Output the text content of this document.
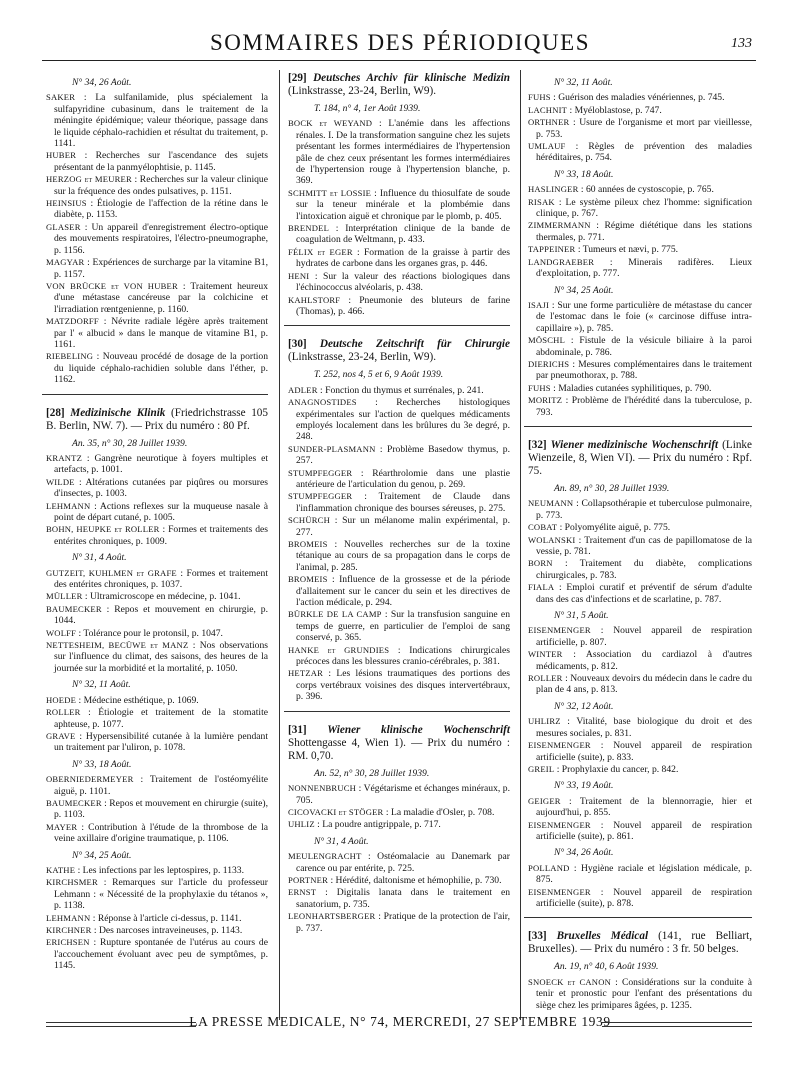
SOMMAIRES DES PÉRIODIQUES	133
N° 34, 26 Août.
SAKER : La sulfanilamide, plus spécialement la sulfapyridine cubasinum, dans le traitement de la méningite épidémique; valeur théorique, passage dans le liquide céphalo-rachidien et résultat du traitement, p. 1141.
HUBER : Recherches sur l'ascendance des sujets présentant de la panmyélophtisie, p. 1145.
HERZOG et MEURER : Recherches sur la valeur clinique sur la fréquence des ondes pulsatives, p. 1151.
HEINSIUS : Étiologie de l'affection de la rétine dans le diabète, p. 1153.
GLASER : Un appareil d'enregistrement électro-optique des mouvements respiratoires, l'électro-pneumographe, p. 1156.
MAGYAR : Expériences de surcharge par la vitamine B1, p. 1157.
VON BRÜCKE et VON HUBER : Traitement heureux d'une métastase cancéreuse par la colchicine et l'irradiation rœntgenienne, p. 1160.
MATZDORFF : Névrite radiale légère après traitement par l' « albucid » dans le manque de vitamine B1, p. 1161.
RIEBELING : Nouveau procédé de dosage de la portion du liquide céphalo-rachidien soluble dans l'éther, p. 1162.
[28] Medizinische Klinik (Friedrichstrasse 105 B. Berlin, NW. 7). — Prix du numéro : 80 Pf.
An. 35, n° 30, 28 Juillet 1939.
KRANTZ : Gangrène neurotique à foyers multiples et artefacts, p. 1001.
WILDE : Altérations cutanées par piqûres ou morsures d'insectes, p. 1003.
LEHMANN : Actions reflexes sur la muqueuse nasale à point de départ cutané, p. 1005.
BOHN, HEUPKE et ROLLER : Formes et traitements des entérites chroniques, p. 1009.
N° 31, 4 Août.
GUTZEIT, KUHLMEN et GRAFE : Formes et traitement des entérites chroniques, p. 1037.
MÜLLER : Ultramicroscope en médecine, p. 1041.
BAUMECKER : Repos et mouvement en chirurgie, p. 1044.
WOLFF : Tolérance pour le protonsil, p. 1047.
NETTESHEIM, BECÜWE et MANZ : Nos observations sur l'influence du climat, des saisons, des heures de la journée sur la morbidité et la mortalité, p. 1050.
N° 32, 11 Août.
HOEDE : Médecine esthétique, p. 1069.
ROLLER : Étiologie et traitement de la stomatite aphteuse, p. 1077.
GRAVE : Hypersensibilité cutanée à la lumière pendant un traitement par l'uliron, p. 1078.
N° 33, 18 Août.
OBERNIEDERMEYER : Traitement de l'ostéomyélite aiguë, p. 1101.
BAUMECKER : Repos et mouvement en chirurgie (suite), p. 1103.
MAYER : Contribution à l'étude de la thrombose de la veine axillaire d'origine traumatique, p. 1106.
N° 34, 25 Août.
KATHE : Les infections par les leptospires, p. 1133.
KIRCHSMER : Remarques sur l'article du professeur Lehmann : « Nécessité de la prophylaxie du tétanos », p. 1138.
LEHMANN : Réponse à l'article ci-dessus, p. 1141.
KIRCHNER : Des narcoses intraveineuses, p. 1143.
ERICHSEN : Rupture spontanée de l'utérus au cours de l'accouchement évoluant avec peu de symptômes, p. 1145.
[29] Deutsches Archiv für klinische Medizin (Linkstrasse, 23-24, Berlin, W9).
T. 184, n° 4, 1er Août 1939.
BOCK et WEYAND : L'anémie dans les affections rénales. I. De la transformation sanguine chez les sujets présentant les formes intermédiaires de l'hypertension pâle de chez ceux présentant les formes intermédiaires de l'hypertension rouge à l'hypertension blanche, p. 369.
SCHMITT et LOSSIE : Influence du thiosulfate de soude sur la teneur minérale et la plombémie dans l'intoxication aiguë et chronique par le plomb, p. 405.
BRENDEL : Interprétation clinique de la bande de coagulation de Weltmann, p. 433.
FÉLIX et EGER : Formation de la graisse à partir des hydrates de carbone dans les organes gras, p. 446.
HENI : Sur la valeur des réactions biologiques dans l'échinococcus alvéolaris, p. 438.
KAHLSTORF : Pneumonie des bluteurs de farine (Thomas), p. 466.
[30] Deutsche Zeitschrift für Chirurgie (Linkstrasse, 23-24, Berlin, W9).
T. 252, nos 4, 5 et 6, 9 Août 1939.
ADLER : Fonction du thymus et surrénales, p. 241.
ANAGNOSTIDES : Recherches histologiques expérimentales sur l'action de quelques médicaments employés localement dans les brûlures du 3e degré, p. 248.
SUNDER-PLASMANN : Problème Basedow thymus, p. 257.
STUMPFEGGER : Réarthrolomie dans une plastie antérieure de l'articulation du genou, p. 269.
STUMPFEGGER : Traitement de Claude dans l'inflammation chronique des bourses séreuses, p. 275.
SCHÜRCH : Sur un mélanome malin expérimental, p. 277.
BROMEIS : Nouvelles recherches sur de la toxine tétanique au cours de sa propagation dans le corps de l'animal, p. 285.
BROMEIS : Influence de la grossesse et de la période d'allaitement sur le cancer du sein et les directives de l'action médicale, p. 294.
BÜRKLE DE LA CAMP : Sur la transfusion sanguine en temps de guerre, en particulier de l'emploi de sang conservé, p. 365.
HANKE et GRUNDIES : Indications chirurgicales précoces dans les blessures cranio-cérébrales, p. 381.
HETZAR : Les lésions traumatiques des portions des corps vertébraux voisines des disques intervertébraux, p. 396.
[31] Wiener klinische Wochenschrift Shottengasse 4, Wien 1). — Prix du numéro : RM. 0,70.
An. 52, n° 30, 28 Juillet 1939.
NONNENBRUCH : Végétarisme et échanges minéraux, p. 705.
CICOVACKI et STÖGER : La maladie d'Osler, p. 708.
UHLIZ : La poudre antigrippale, p. 717.
N° 31, 4 Août.
MEULENGRACHT : Ostéomalacie au Danemark par carence ou par entérite, p. 725.
PORTNER : Hérédité, daltonisme et hémophilie, p. 730.
ERNST : Digitalis lanata dans le traitement en sanatorium, p. 735.
LEONHARTSBERGER : Pratique de la protection de l'air, p. 737.
N° 32, 11 Août.
FUHS : Guérison des maladies vénériennes, p. 745.
LACHNIT : Myéloblastose, p. 747.
ORTHNER : Usure de l'organisme et mort par vieillesse, p. 753.
UMLAUF : Règles de prévention des maladies héréditaires, p. 754.
N° 33, 18 Août.
HASLINGER : 60 années de cystoscopie, p. 765.
RISAK : Le système pileux chez l'homme: signification clinique, p. 767.
ZIMMERMANN : Régime diététique dans les stations thermales, p. 771.
TAPPEINER : Tumeurs et nævi, p. 775.
LANDGRAEBER : Minerais radifères. Lieux d'exploitation, p. 777.
N° 34, 25 Août.
ISAJI : Sur une forme particulière de métastase du cancer de l'estomac dans le foie (« carcinose diffuse intra-capillaire »), p. 785.
MÖSCHL : Fistule de la vésicule biliaire à la paroi abdominale, p. 786.
DIERICHS : Mesures complémentaires dans le traitement par pneumothorax, p. 788.
FUHS : Maladies cutanées syphilitiques, p. 790.
MORITZ : Problème de l'hérédité dans la tuberculose, p. 793.
[32] Wiener medizinische Wochenschrift (Linke Wienzeile, 8, Wien VI). — Prix du numéro : Rpf. 75.
An. 89, n° 30, 28 Juillet 1939.
NEUMANN : Collapsothérapie et tuberculose pulmonaire, p. 773.
COBAT : Polyomyélite aiguë, p. 775.
WOLANSKI : Traitement d'un cas de papillomatose de la vessie, p. 781.
BORN : Traitement du diabète, complications chirurgicales, p. 783.
FIALA : Emploi curatif et préventif de sérum d'adulte dans des cas d'infections et de scarlatine, p. 787.
N° 31, 5 Août.
EISENMENGER : Nouvel appareil de respiration artificielle, p. 807.
WINTER : Association du cardiazol à d'autres médicaments, p. 812.
ROLLER : Nouveaux devoirs du médecin dans le cadre du plan de 4 ans, p. 813.
N° 32, 12 Août.
UHLIRZ : Vitalité, base biologique du droit et des mesures sociales, p. 831.
EISENMENGER : Nouvel appareil de respiration artificielle (suite), p. 833.
GREIL : Prophylaxie du cancer, p. 842.
N° 33, 19 Août.
GEIGER : Traitement de la blennorragie, hier et aujourd'hui, p. 855.
EISENMENGER : Nouvel appareil de respiration artificielle (suite), p. 861.
N° 34, 26 Août.
POLLAND : Hygiène raciale et législation médicale, p. 875.
EISENMENGER : Nouvel appareil de respiration artificielle (suite), p. 878.
[33] Bruxelles Médical (141, rue Belliart, Bruxelles). — Prix du numéro : 3 fr. 50 belges.
An. 19, n° 40, 6 Août 1939.
SNOECK et CANON : Considérations sur la conduite à tenir et pronostic pour l'enfant des présentations du siège chez les primipares âgées, p. 1235.
LA PRESSE MEDICALE, N° 74, MERCREDI, 27 SEPTEMBRE 1939
